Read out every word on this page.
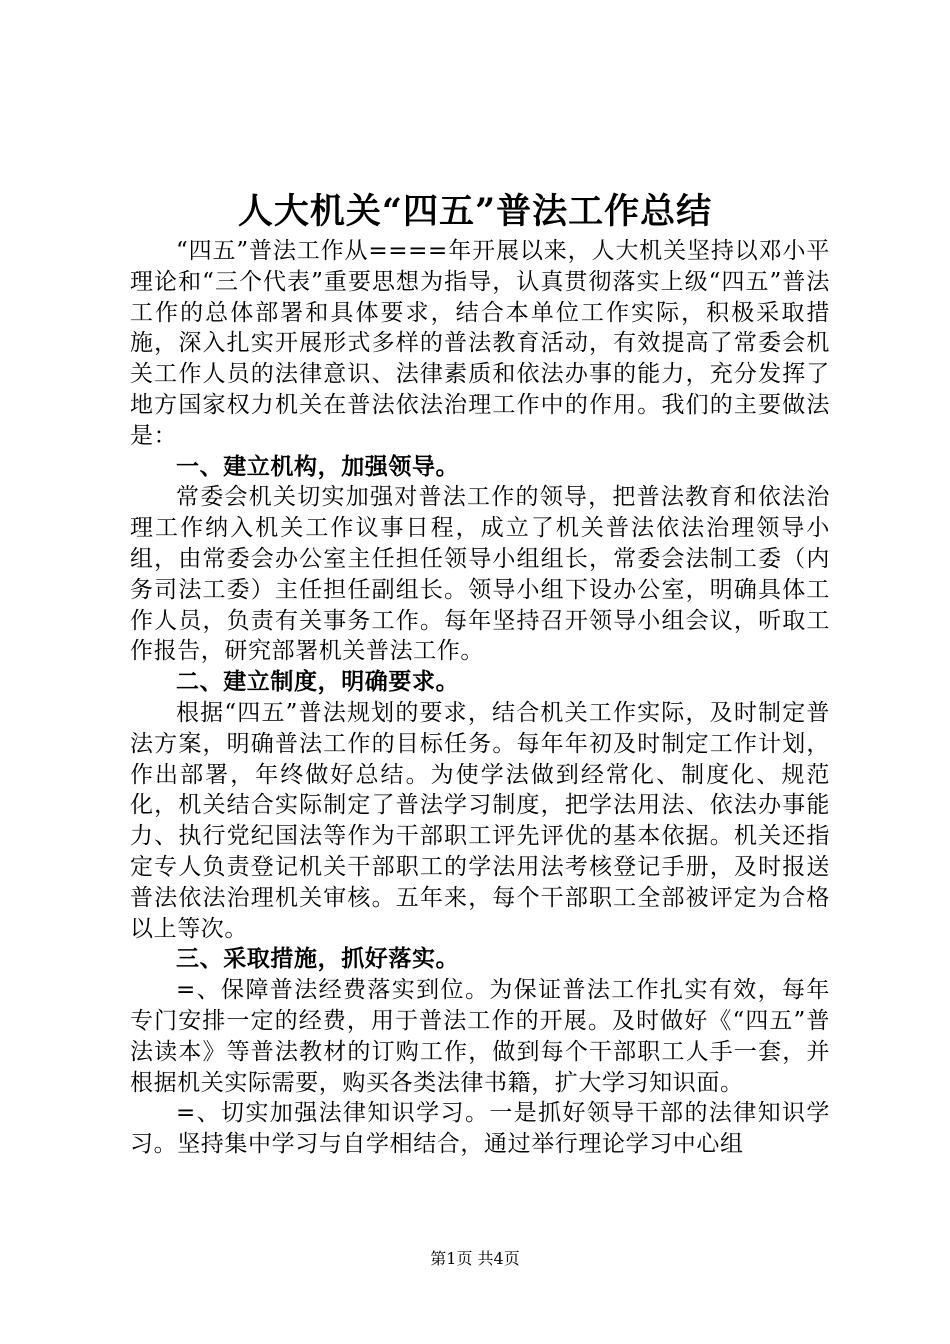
人大机关“四五”普法工作总结

“四五”普法工作从====年开展以来，人大机关坚持以邓小平理论和“三个代表”重要思想为指导，认真贯彻落实上级“四五”普法工作的总体部署和具体要求，结合本单位工作实际，积极采取措施，深入扎实开展形式多样的普法教育活动，有效提高了常委会机关工作人员的法律意识、法律素质和依法办事的能力，充分发挥了地方国家权力机关在普法依法治理工作中的作用。我们的主要做法是：

一、建立机构，加强领导。

常委会机关切实加强对普法工作的领导，把普法教育和依法治理工作纳入机关工作议事日程，成立了机关普法依法治理领导小组，由常委会办公室主任担任领导小组组长，常委会法制工委（内务司法工委）主任担任副组长。领导小组下设办公室，明确具体工作人员，负责有关事务工作。每年坚持召开领导小组会议，听取工作报告，研究部署机关普法工作。

二、建立制度，明确要求。

根据“四五”普法规划的要求，结合机关工作实际，及时制定普法方案，明确普法工作的目标任务。每年年初及时制定工作计划，作出部署，年终做好总结。为使学法做到经常化、制度化、规范化，机关结合实际制定了普法学习制度，把学法用法、依法办事能力、执行党纪国法等作为干部职工评先评优的基本依据。机关还指定专人负责登记机关干部职工的学法用法考核登记手册，及时报送普法依法治理机关审核。五年来，每个干部职工全部被评定为合格以上等次。

三、采取措施，抓好落实。

=、保障普法经费落实到位。为保证普法工作扎实有效，每年专门安排一定的经费，用于普法工作的开展。及时做好《“四五”普法读本》等普法教材的订购工作，做到每个干部职工人手一套，并根据机关实际需要，购买各类法律书籍，扩大学习知识面。

=、切实加强法律知识学习。一是抓好领导干部的法律知识学习。坚持集中学习与自学相结合，通过举行理论学习中心组

第1页 共4页
